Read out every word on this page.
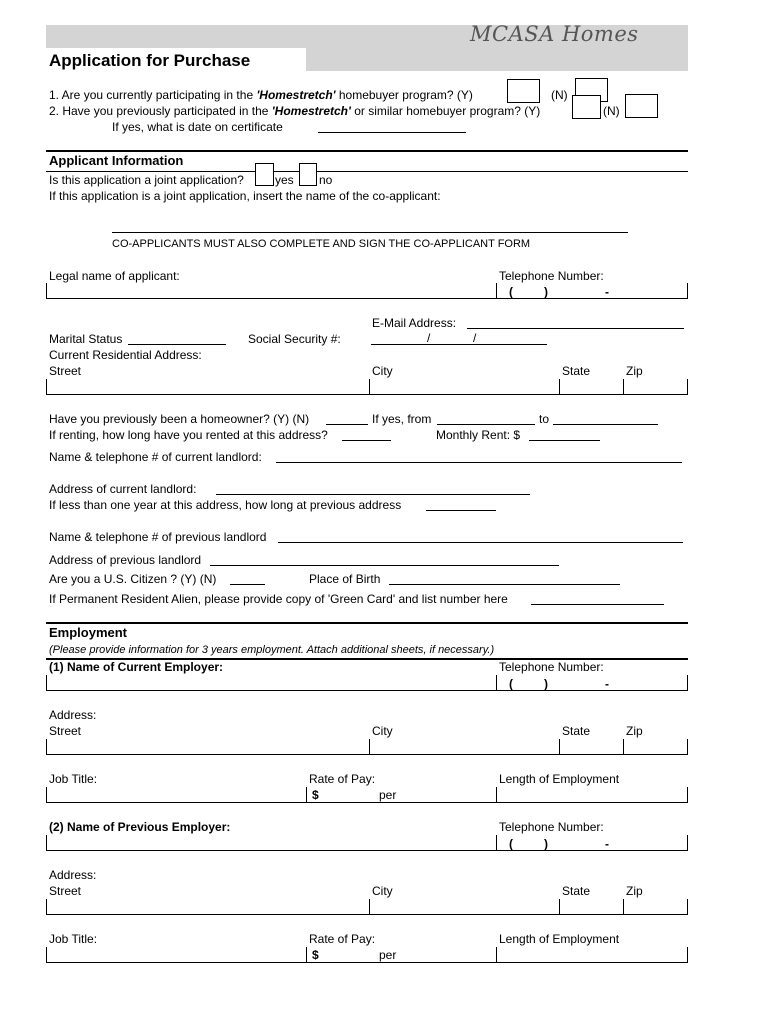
MCASA Homes
Application for Purchase
1. Are you currently participating in the 'Homestretch' homebuyer program? (Y)	(N)
2. Have you previously participated in the 'Homestretch' or similar homebuyer program? (Y)	(N)
If yes, what is date on certificate
Applicant Information
Is this application a joint application?	yes no
If this application is a joint application, insert the name of the co-applicant:
CO-APPLICANTS MUST ALSO COMPLETE AND SIGN THE CO-APPLICANT FORM
Legal name of applicant:	Telephone Number:
(	)	-
E-Mail Address:
Marital Status	Social Security #:	/	/
Current Residential Address:
Street	City	State	Zip
Have you previously been a homeowner? (Y) (N)	If yes, from	to
If renting, how long have you rented at this address?	Monthly Rent: $
Name & telephone # of current landlord:
Address of current landlord:
If less than one year at this address, how long at previous address
Name & telephone # of previous landlord
Address of previous landlord
Are you a U.S. Citizen ? (Y) (N)	Place of Birth
If Permanent Resident Alien, please provide copy of 'Green Card' and list number here
Employment
(Please provide information for 3 years employment. Attach additional sheets, if necessary.)
(1) Name of Current Employer:	Telephone Number:
(	)	-
Address:
Street	City	State	Zip
Job Title:	Rate of Pay:	Length of Employment
$	per
(2) Name of Previous Employer:	Telephone Number:
(	)	-
Address:
Street	City	State	Zip
Job Title:	Rate of Pay:	Length of Employment
$	per
